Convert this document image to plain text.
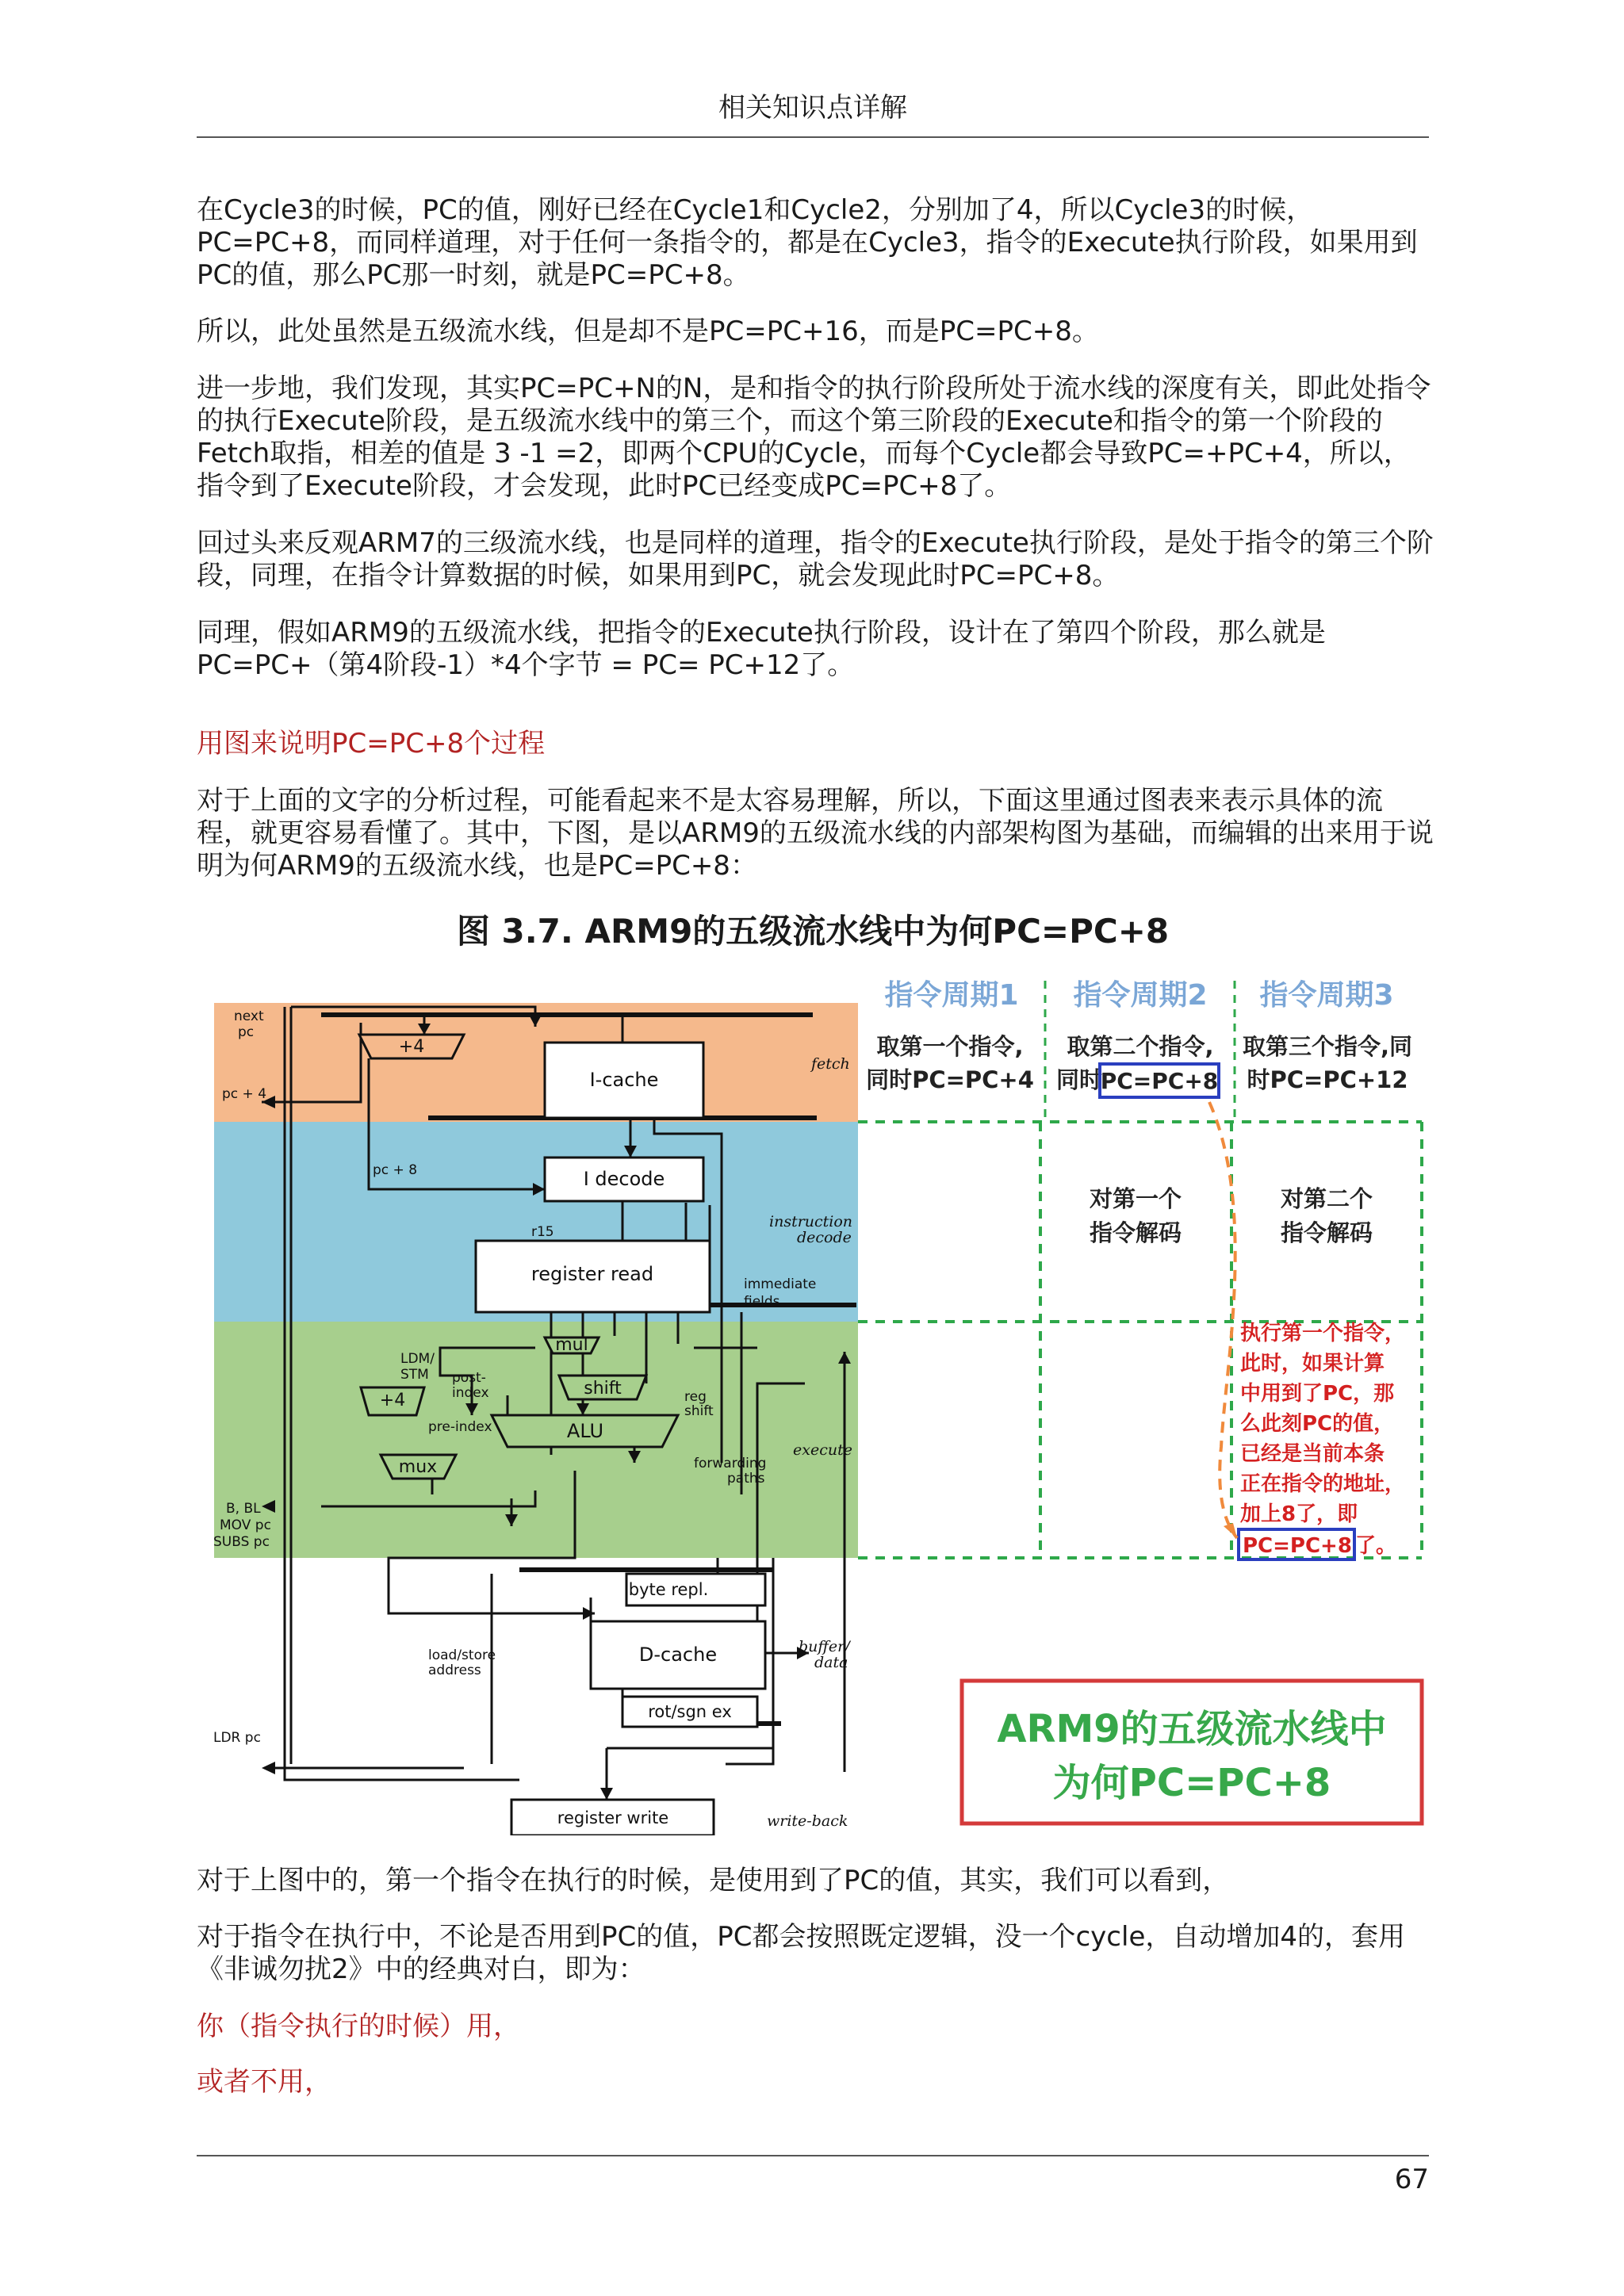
相关知识点详解

在Cycle3的时候，PC的值，刚好已经在Cycle1和Cycle2，分别加了4，所以Cycle3的时候，PC=PC+8，而同样道理，对于任何一条指令的，都是在Cycle3，指令的Execute执行阶段，如果用到PC的值，那么PC那一时刻，就是PC=PC+8。

所以，此处虽然是五级流水线，但是却不是PC=PC+16，而是PC=PC+8。

进一步地，我们发现，其实PC=PC+N的N，是和指令的执行阶段所处于流水线的深度有关，即此处指令的执行Execute阶段，是五级流水线中的第三个，而这个第三阶段的Execute和指令的第一个阶段的Fetch取指，相差的值是 3 -1 =2，即两个CPU的Cycle，而每个Cycle都会导致PC=+PC+4，所以，指令到了Execute阶段，才会发现，此时PC已经变成PC=PC+8了。

回过头来反观ARM7的三级流水线，也是同样的道理，指令的Execute执行阶段，是处于指令的第三个阶段，同理，在指令计算数据的时候，如果用到PC，就会发现此时PC=PC+8。

同理，假如ARM9的五级流水线，把指令的Execute执行阶段，设计在了第四个阶段，那么就是PC=PC+（第4阶段-1）*4个字节 = PC= PC+12了。

用图来说明PC=PC+8个过程

对于上面的文字的分析过程，可能看起来不是太容易理解，所以，下面这里通过图表来表示具体的流程，就更容易看懂了。其中，下图，是以ARM9的五级流水线的内部架构图为基础，而编辑的出来用于说明为何ARM9的五级流水线，也是PC=PC+8：

图 3.7. ARM9的五级流水线中为何PC=PC+8
指令周期1 指令周期2 指令周期3
取第一个指令,
同时PC=PC+4
取第二个指令,
同时
取第三个指令,同
时PC=PC+12
PC=PC+8
对第一个
指令解码
对第二个
指令解码
执行第一个指令，
此时，如果计算
中用到了PC，那
么此刻PC的值，
已经是当前本条
正在指令的地址，
加上8了，即
PC=PC+8 了。
ARM9的五级流水线中
为何PC=PC+8
+4
I-cache
I decode
register read
mul
shift
+4
ALU
mux
byte repl.
D-cache
rot/sgn ex
register write
next
pc
pc + 4
pc + 8
r15
immediate
fields
LDM/
STM post-
index
pre-index
reg
shift
forwarding
paths
B, BL
MOV pc
SUBS pc
load/store
address
LDR pc
fetch
instruction
decode
execute
buffer/
data
write-back

对于上图中的，第一个指令在执行的时候，是使用到了PC的值，其实，我们可以看到，

对于指令在执行中，不论是否用到PC的值，PC都会按照既定逻辑，没一个cycle，自动增加4的，套用《非诚勿扰2》中的经典对白，即为：

你（指令执行的时候）用，

或者不用，

67
